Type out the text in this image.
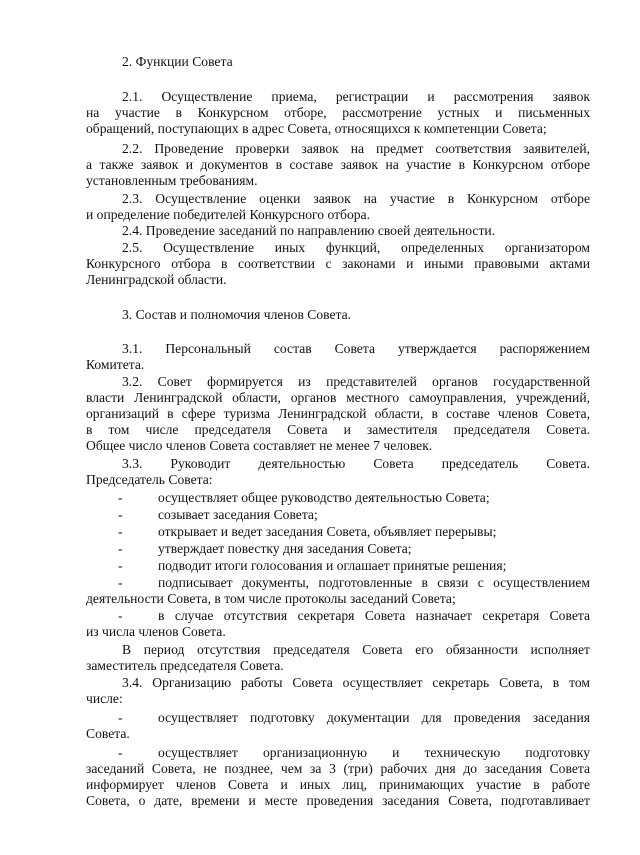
2. Функции Совета
2.1. Осуществление приема, регистрации и рассмотрения заявок
на участие в Конкурсном отборе, рассмотрение устных и письменных
обращений, поступающих в адрес Совета, относящихся к компетенции Совета;
2.2. Проведение проверки заявок на предмет соответствия заявителей,
а также заявок и документов в составе заявок на участие в Конкурсном отборе
установленным требованиям.
2.3. Осуществление оценки заявок на участие в Конкурсном отборе
и определение победителей Конкурсного отбора.
2.4. Проведение заседаний по направлению своей деятельности.
2.5. Осуществление иных функций, определенных организатором
Конкурсного отбора в соответствии с законами и иными правовыми актами
Ленинградской области.
3. Состав и полномочия членов Совета.
3.1. Персональный состав Совета утверждается распоряжением
Комитета.
3.2. Совет формируется из представителей органов государственной
власти Ленинградской области, органов местного самоуправления, учреждений,
организаций в сфере туризма Ленинградской области, в составе членов Совета,
в том числе председателя Совета и заместителя председателя Совета.
Общее число членов Совета составляет не менее 7 человек.
3.3. Руководит деятельностью Совета председатель Совета.
Председатель Совета:
-	осуществляет общее руководство деятельностью Совета;
-	созывает заседания Совета;
-	открывает и ведет заседания Совета, объявляет перерывы;
-	утверждает повестку дня заседания Совета;
-	подводит итоги голосования и оглашает принятые решения;
-	подписывает документы, подготовленные в связи с осуществлением
деятельности Совета, в том числе протоколы заседаний Совета;
-	в случае отсутствия секретаря Совета назначает секретаря Совета
из числа членов Совета.
В период отсутствия председателя Совета его обязанности исполняет
заместитель председателя Совета.
3.4. Организацию работы Совета осуществляет секретарь Совета, в том
числе:
-	осуществляет подготовку документации для проведения заседания
Совета.
-	осуществляет организационную и техническую подготовку
заседаний Совета, не позднее, чем за 3 (три) рабочих дня до заседания Совета
информирует членов Совета и иных лиц, принимающих участие в работе
Совета, о дате, времени и месте проведения заседания Совета, подготавливает
